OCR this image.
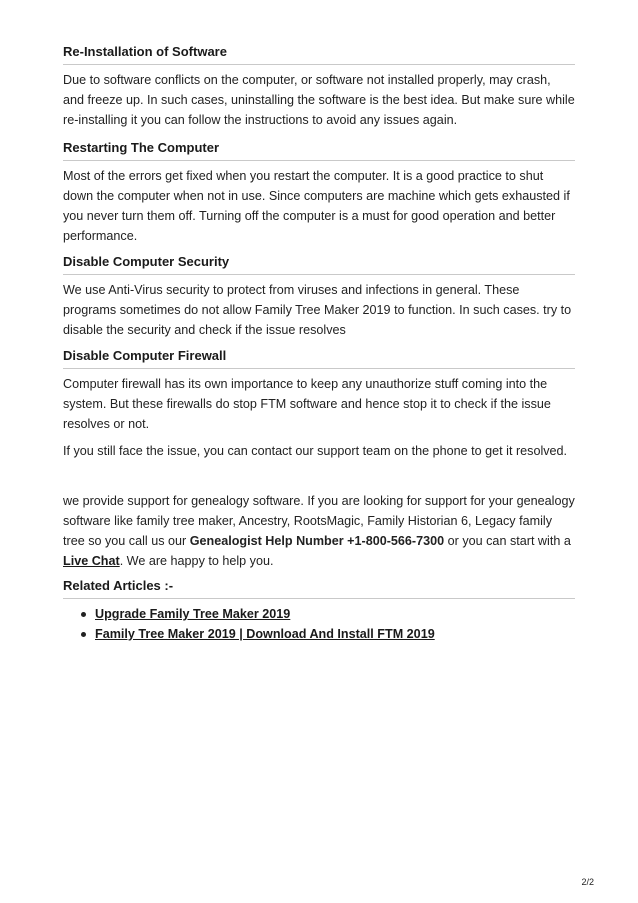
Re-Installation of Software

Due to software conflicts on the computer, or software not installed properly, may crash, and freeze up. In such cases, uninstalling the software is the best idea. But make sure while re-installing it you can follow the instructions to avoid any issues again.

Restarting The Computer

Most of the errors get fixed when you restart the computer. It is a good practice to shut down the computer when not in use. Since computers are machine which gets exhausted if you never turn them off. Turning off the computer is a must for good operation and better performance.

Disable Computer Security

We use Anti-Virus security to protect from viruses and infections in general. These programs sometimes do not allow Family Tree Maker 2019 to function. In such cases. try to disable the security and check if the issue resolves

Disable Computer Firewall

Computer firewall has its own importance to keep any unauthorize stuff coming into the system. But these firewalls do stop FTM software and hence stop it to check if the issue resolves or not.

If you still face the issue, you can contact our support team on the phone to get it resolved.

we provide support for genealogy software. If you are looking for support for your genealogy software like family tree maker, Ancestry, RootsMagic, Family Historian 6, Legacy family tree so you call us our Genealogist Help Number +1-800-566-7300 or you can start with a Live Chat. We are happy to help you.

Related Articles :-
Upgrade Family Tree Maker 2019
Family Tree Maker 2019 | Download And Install FTM 2019
2/2
